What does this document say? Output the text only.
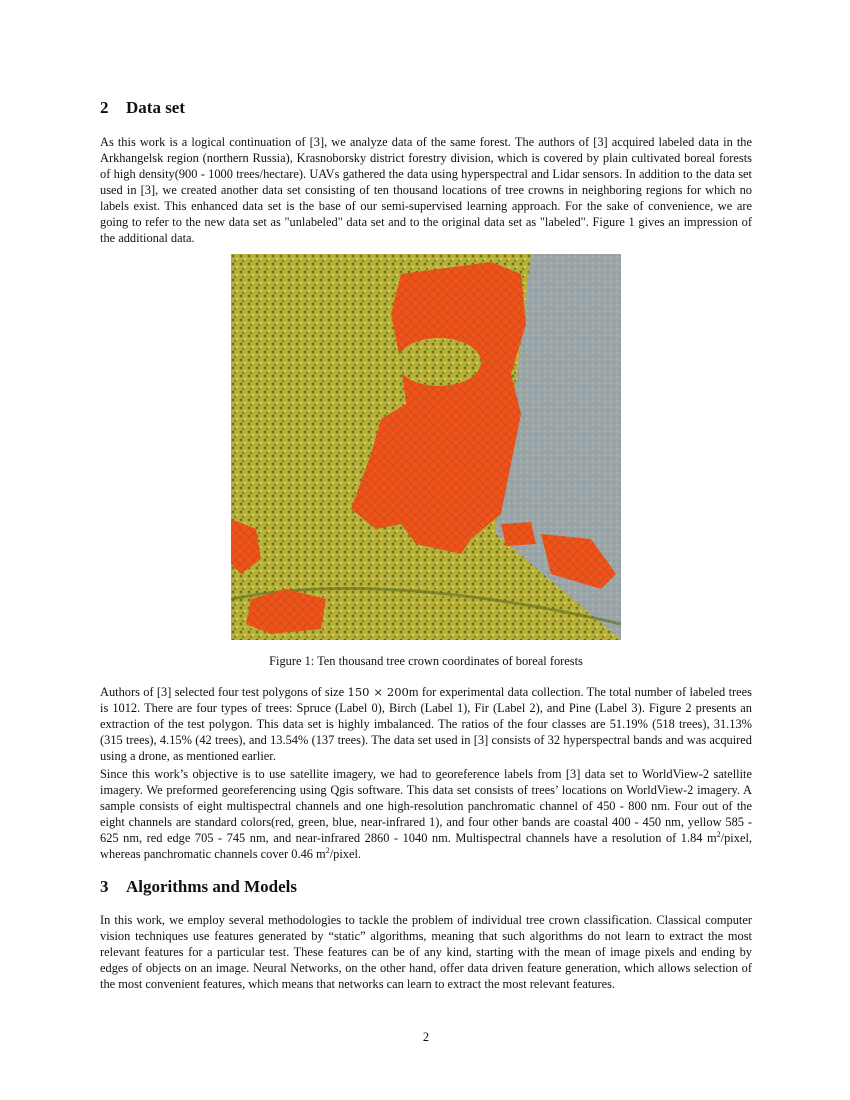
2 Data set

As this work is a logical continuation of [3], we analyze data of the same forest. The authors of [3] acquired labeled data in the Arkhangelsk region (northern Russia), Krasnoborsky district forestry division, which is covered by plain cultivated boreal forests of high density(900 - 1000 trees/hectare). UAVs gathered the data using hyperspectral and Lidar sensors. In addition to the data set used in [3], we created another data set consisting of ten thousand locations of tree crowns in neighboring regions for which no labels exist. This enhanced data set is the base of our semi-supervised learning approach. For the sake of convenience, we are going to refer to the new data set as "unlabeled" data set and to the original data set as "labeled". Figure 1 gives an impression of the additional data.

Figure 1: Ten thousand tree crown coordinates of boreal forests

Authors of [3] selected four test polygons of size 150 × 200m for experimental data collection. The total number of labeled trees is 1012. There are four types of trees: Spruce (Label 0), Birch (Label 1), Fir (Label 2), and Pine (Label 3). Figure 2 presents an extraction of the test polygon. This data set is highly imbalanced. The ratios of the four classes are 51.19% (518 trees), 31.13% (315 trees), 4.15% (42 trees), and 13.54% (137 trees). The data set used in [3] consists of 32 hyperspectral bands and was acquired using a drone, as mentioned earlier.

Since this work’s objective is to use satellite imagery, we had to georeference labels from [3] data set to WorldView-2 satellite imagery. We preformed georeferencing using Qgis software. This data set consists of trees’ locations on WorldView-2 imagery. A sample consists of eight multispectral channels and one high-resolution panchromatic channel of 450 - 800 nm. Four out of the eight channels are standard colors(red, green, blue, near-infrared 1), and four other bands are coastal 400 - 450 nm, yellow 585 - 625 nm, red edge 705 - 745 nm, and near-infrared 2860 - 1040 nm. Multispectral channels have a resolution of 1.84 $m^2$/pixel, whereas panchromatic channels cover 0.46 $m^2$/pixel.

3 Algorithms and Models

In this work, we employ several methodologies to tackle the problem of individual tree crown classification. Classical computer vision techniques use features generated by “static” algorithms, meaning that such algorithms do not learn to extract the most relevant features for a particular test. These features can be of any kind, starting with the mean of image pixels and ending by edges of objects on an image. Neural Networks, on the other hand, offer data driven feature generation, which allows selection of the most convenient features, which means that networks can learn to extract the most relevant features.

2
